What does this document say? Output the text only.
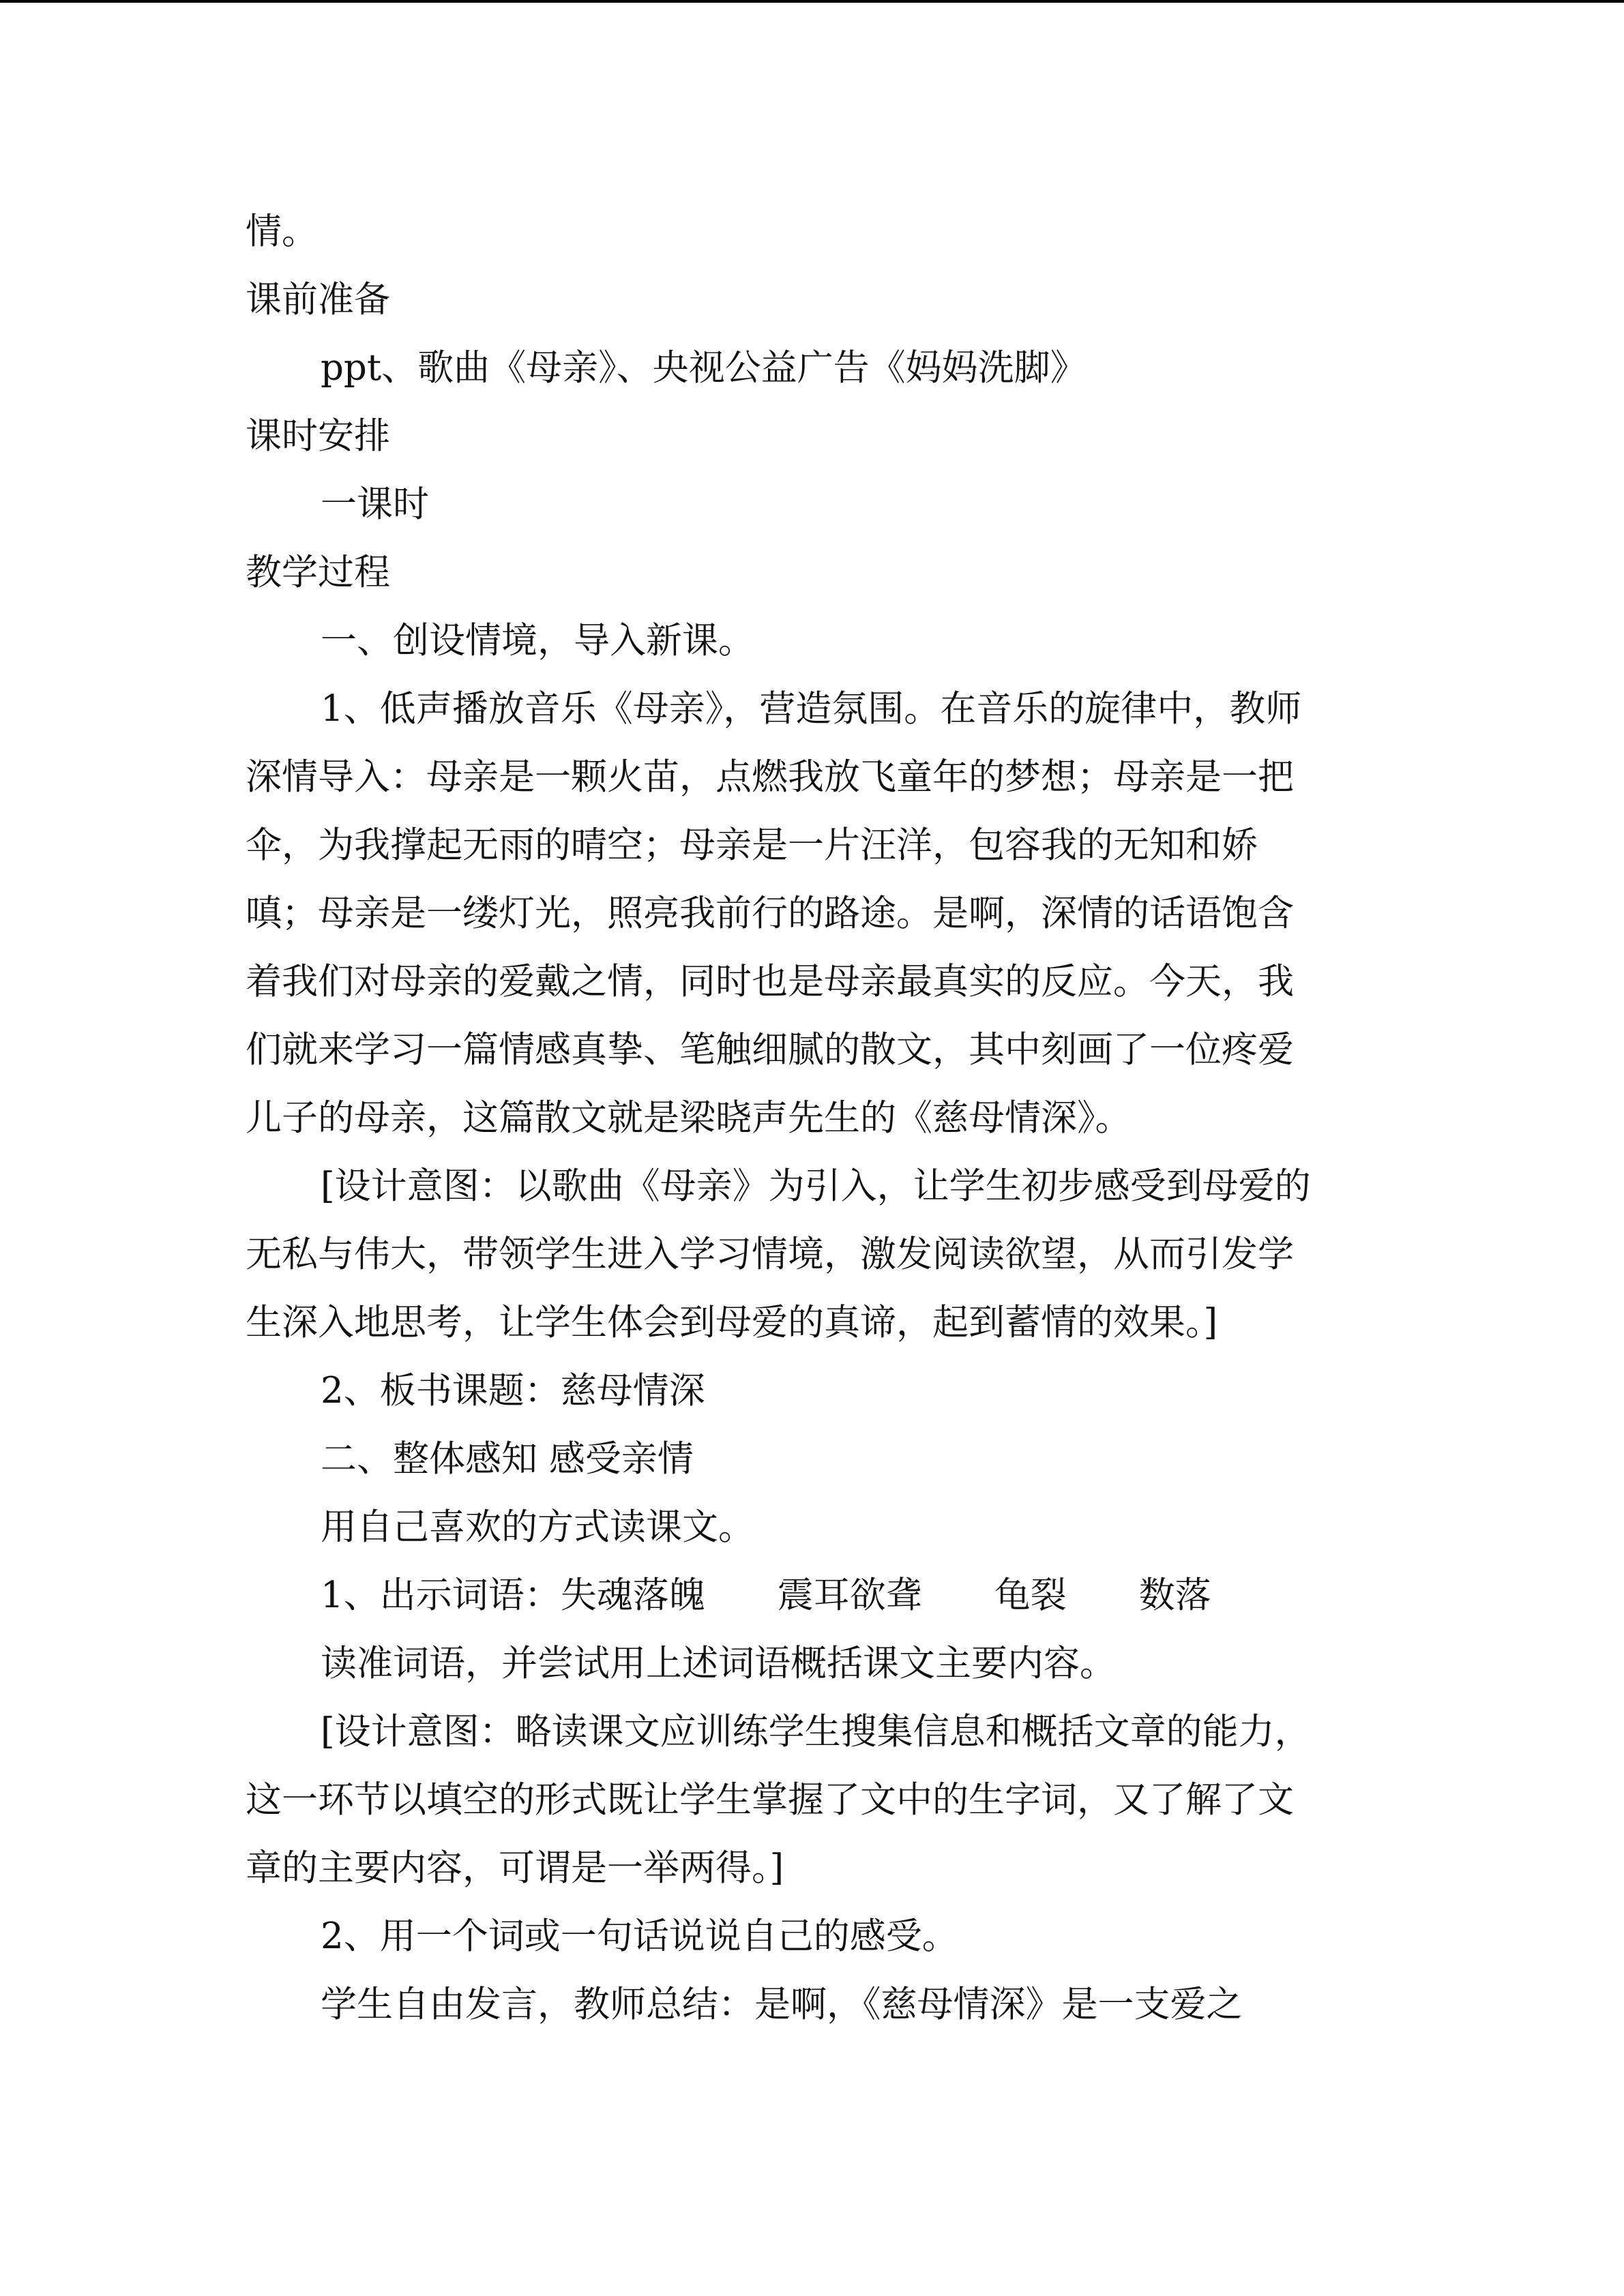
情。
课前准备
ppt、歌曲《母亲》、央视公益广告《妈妈洗脚》
课时安排
一课时
教学过程
一、创设情境，导入新课。
1、低声播放音乐《母亲》，营造氛围。在音乐的旋律中，教师
深情导入：母亲是一颗火苗，点燃我放飞童年的梦想；母亲是一把
伞，为我撑起无雨的晴空；母亲是一片汪洋，包容我的无知和娇
嗔；母亲是一缕灯光，照亮我前行的路途。是啊，深情的话语饱含
着我们对母亲的爱戴之情，同时也是母亲最真实的反应。今天，我
们就来学习一篇情感真挚、笔触细腻的散文，其中刻画了一位疼爱
儿子的母亲，这篇散文就是梁晓声先生的《慈母情深》。
[设计意图：以歌曲《母亲》为引入，让学生初步感受到母爱的
无私与伟大，带领学生进入学习情境，激发阅读欲望，从而引发学
生深入地思考，让学生体会到母爱的真谛，起到蓄情的效果。]
2、板书课题：慈母情深
二、整体感知 感受亲情
用自己喜欢的方式读课文。
1、出示词语：失魂落魄　　震耳欲聋　　龟裂　　数落
读准词语，并尝试用上述词语概括课文主要内容。
[设计意图：略读课文应训练学生搜集信息和概括文章的能力，
这一环节以填空的形式既让学生掌握了文中的生字词，又了解了文
章的主要内容，可谓是一举两得。]
2、用一个词或一句话说说自己的感受。
学生自由发言，教师总结：是啊，《慈母情深》是一支爱之
